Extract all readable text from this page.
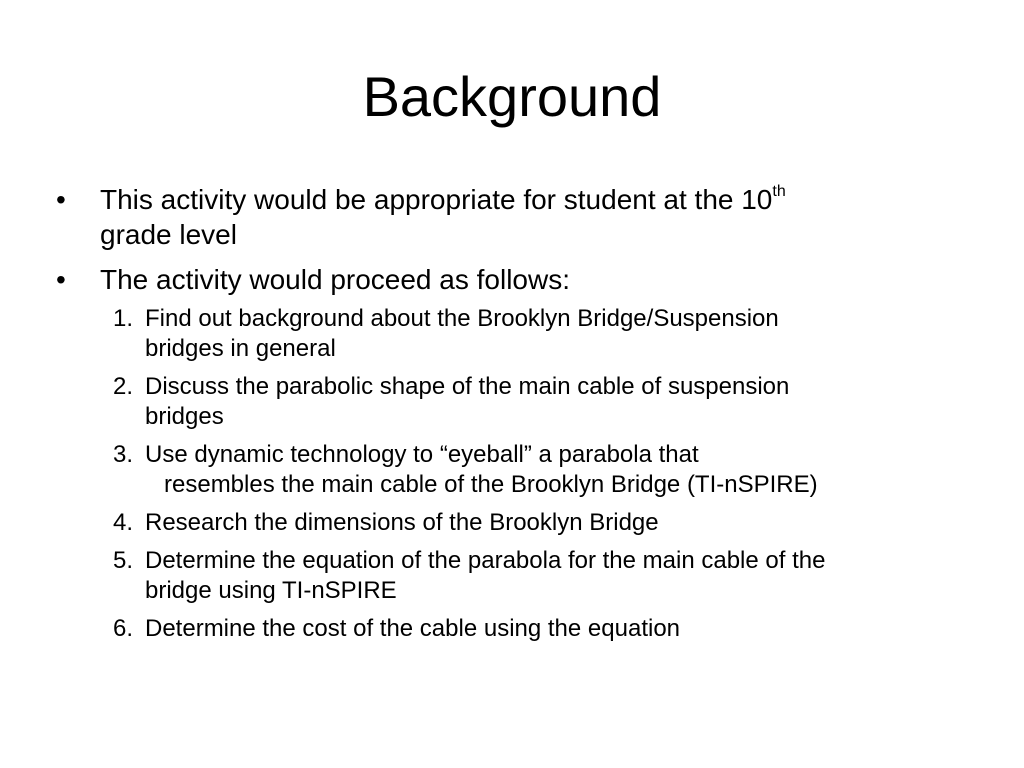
Background
•	This activity would be appropriate for student at the 10th
grade level
•	The activity would proceed as follows:
1. Find out background about the Brooklyn Bridge/Suspension
bridges in general
2. Discuss the parabolic shape of the main cable of suspension
bridges
3. Use dynamic technology to “eyeball” a parabola that
resembles the main cable of the Brooklyn Bridge (TI-nSPIRE)
4. Research the dimensions of the Brooklyn Bridge
5. Determine the equation of the parabola for the main cable of the
bridge using TI-nSPIRE
6. Determine the cost of the cable using the equation
